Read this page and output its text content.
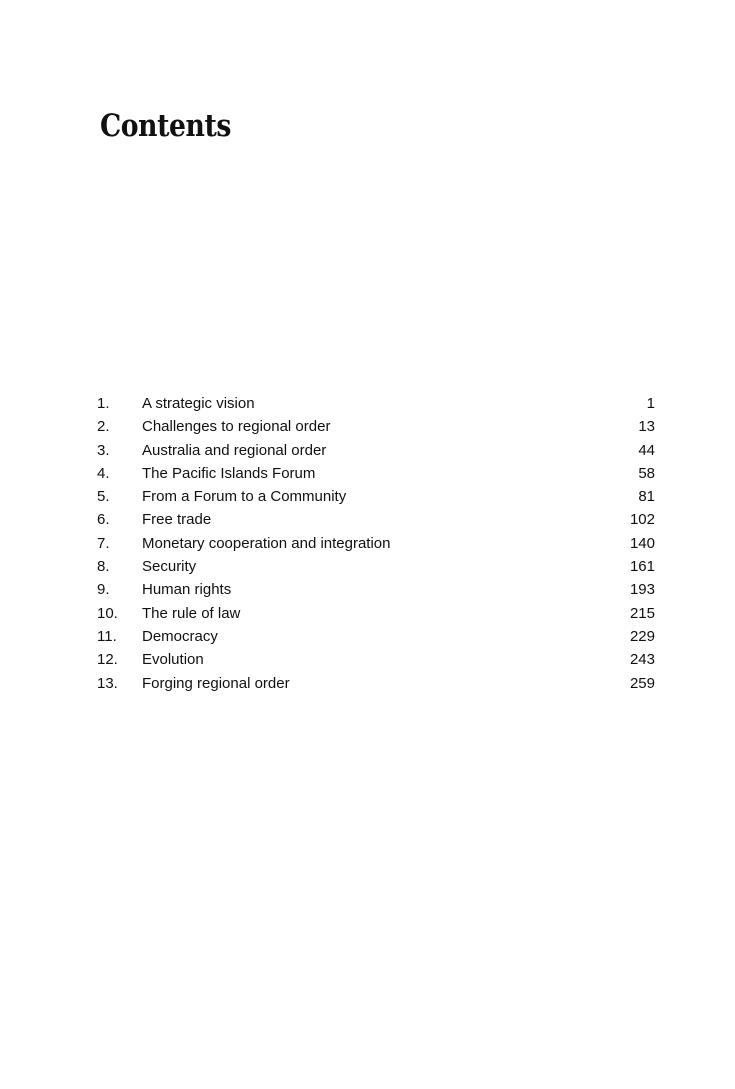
Contents
1. A strategic vision	1
2. Challenges to regional order	13
3. Australia and regional order	44
4. The Pacific Islands Forum	58
5. From a Forum to a Community	81
6. Free trade	102
7. Monetary cooperation and integration	140
8. Security	161
9. Human rights	193
10. The rule of law	215
11. Democracy	229
12. Evolution	243
13. Forging regional order	259
